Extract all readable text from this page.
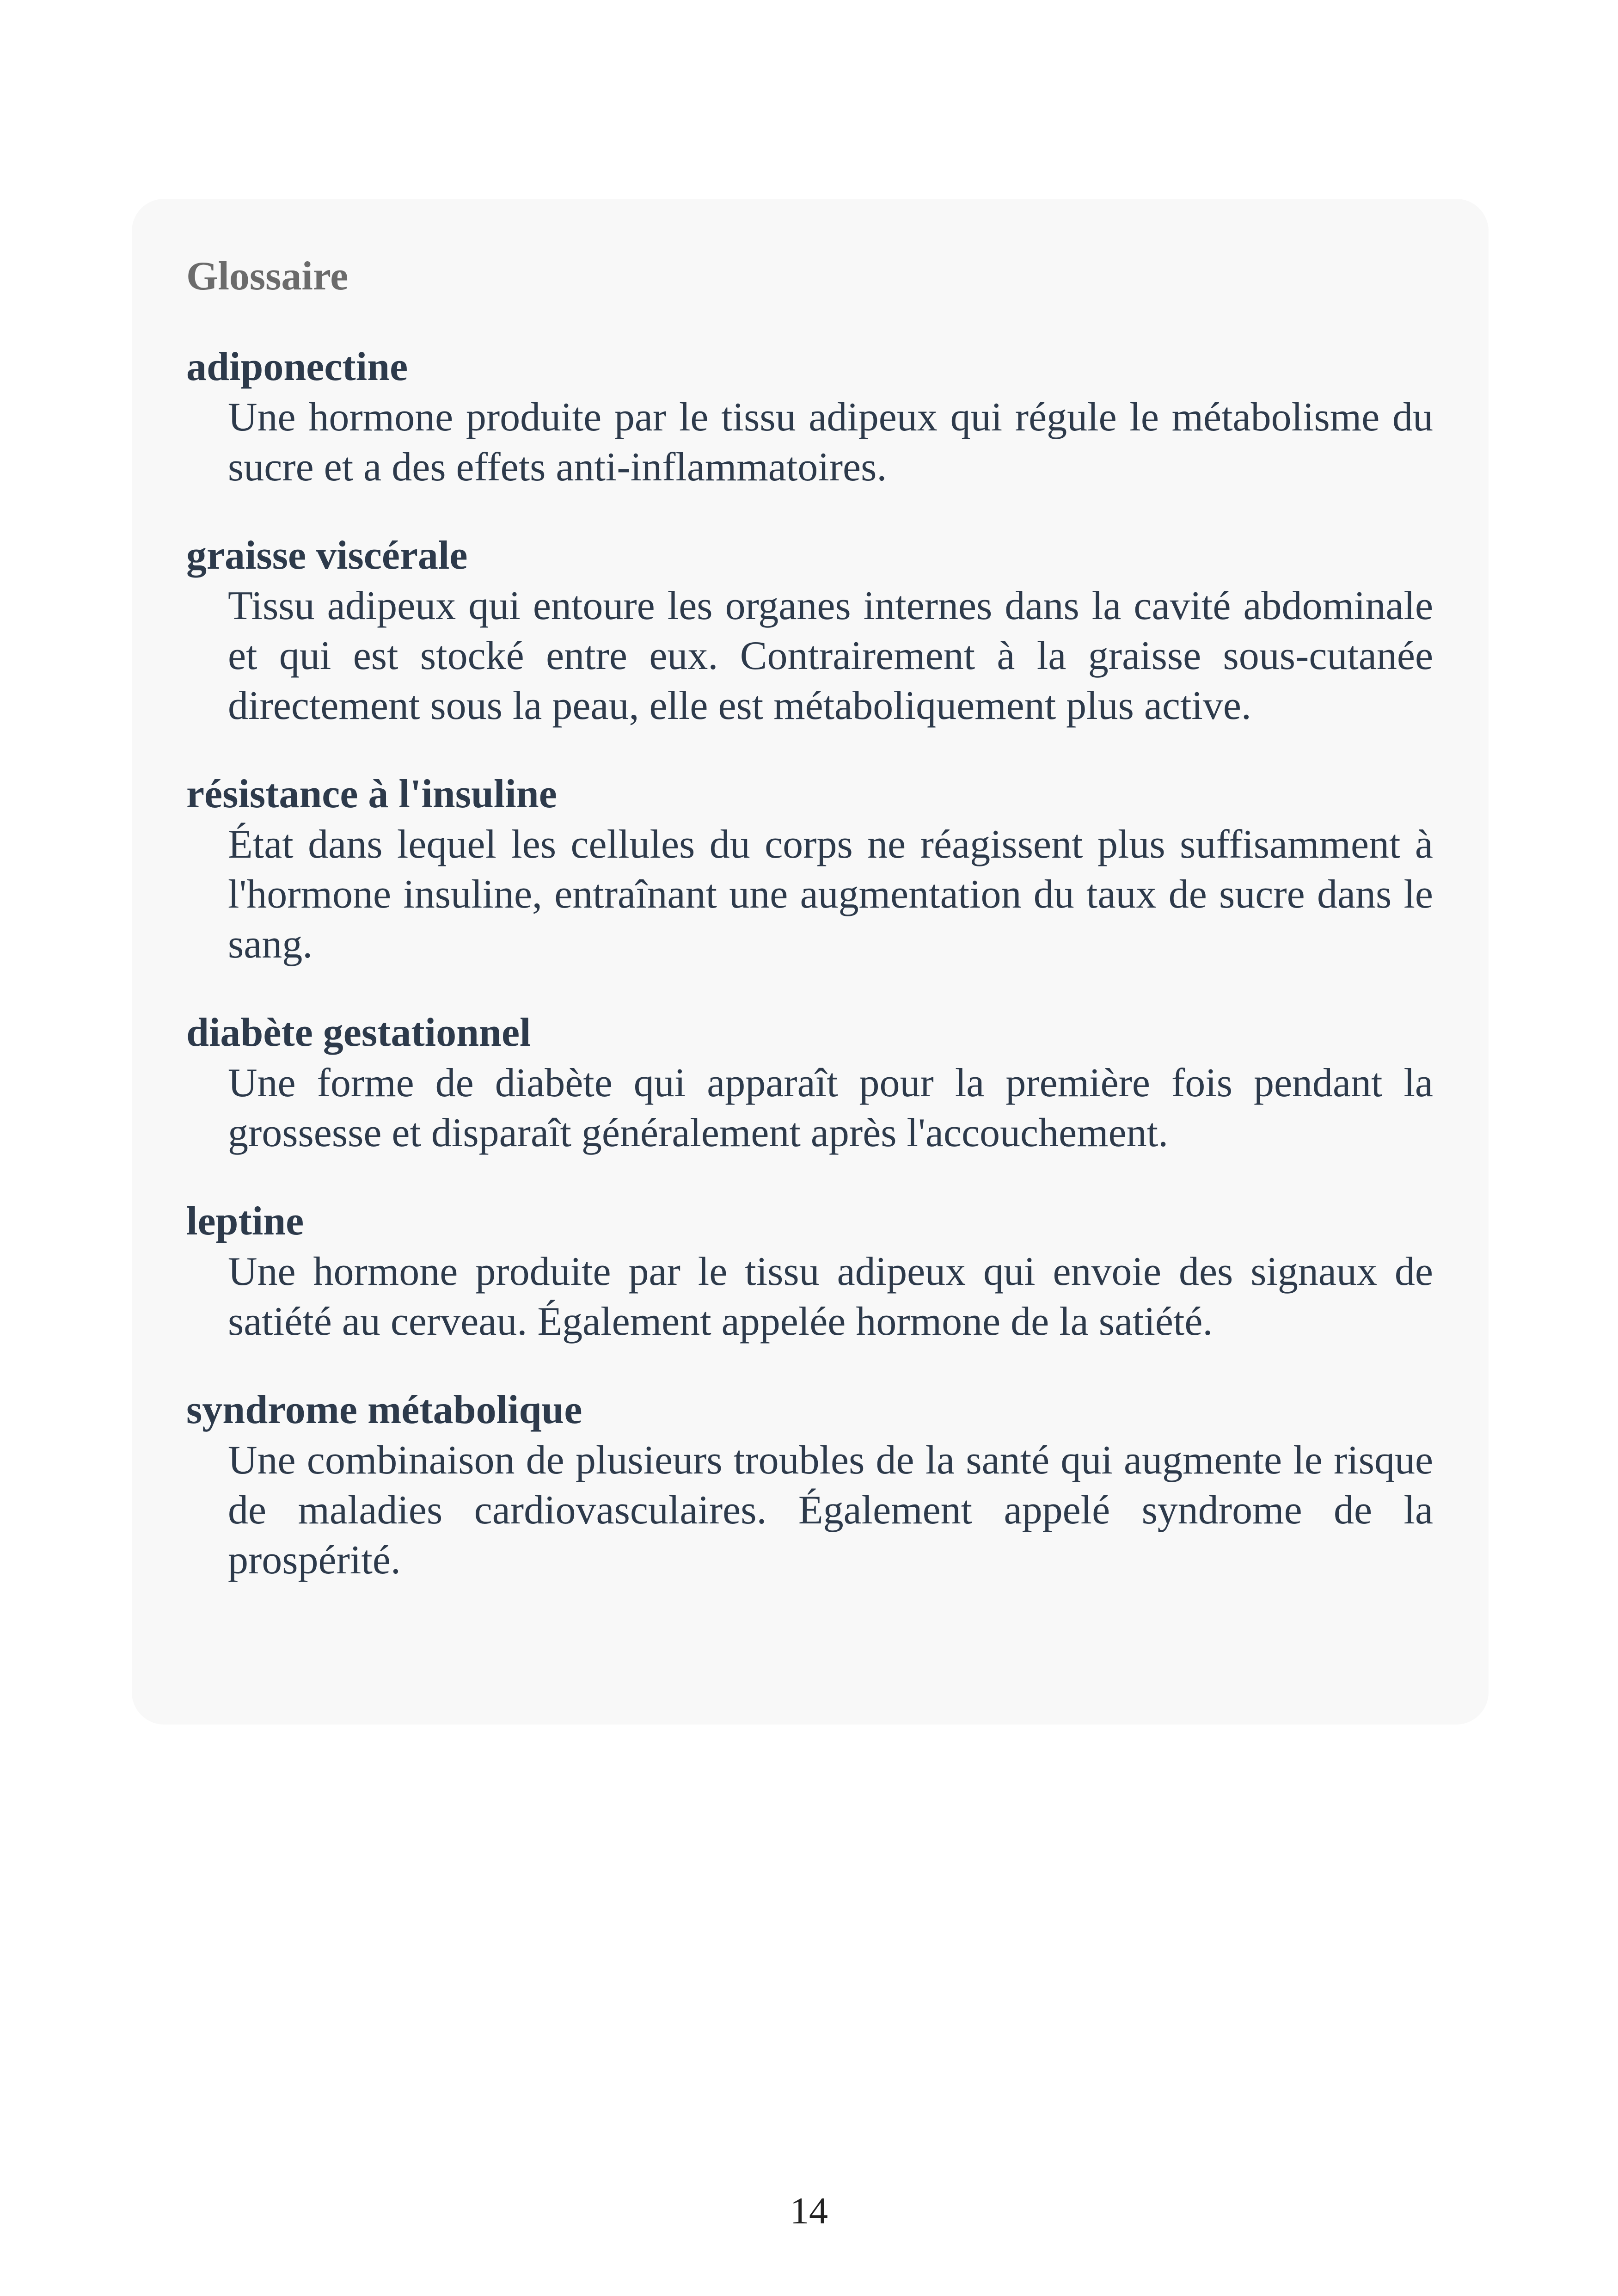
Glossaire
adiponectine
Une hormone produite par le tissu adipeux qui régule le métabolisme du sucre et a des effets anti-inflammatoires.
graisse viscérale
Tissu adipeux qui entoure les organes internes dans la cavité abdominale et qui est stocké entre eux. Contrairement à la graisse sous-cutanée directement sous la peau, elle est métaboliquement plus active.
résistance à l'insuline
État dans lequel les cellules du corps ne réagissent plus suffisamment à l'hormone insuline, entraînant une augmentation du taux de sucre dans le sang.
diabète gestationnel
Une forme de diabète qui apparaît pour la première fois pendant la grossesse et disparaît généralement après l'accouchement.
leptine
Une hormone produite par le tissu adipeux qui envoie des signaux de satiété au cerveau. Également appelée hormone de la satiété.
syndrome métabolique
Une combinaison de plusieurs troubles de la santé qui augmente le risque de maladies cardiovasculaires. Également appelé syndrome de la prospérité.
14
